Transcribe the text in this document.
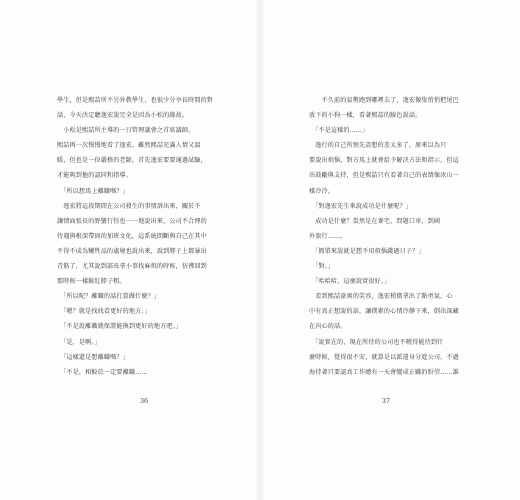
學生，但是熙喆所不另外教學生，也很少分享長時間的對
話，今天決定聽逸宏說完全是因為小松的緣故。
　小松是熙喆所主導的一日管理議會之首席議師，
熙喆再一次慢慢地看了逸宏。雖然熙喆充滿人情又溫
暖，但也是一位嚴格的老師，首先逸宏要要通過試驗，
才能夠到他的認同和指導。
　「所以想馬上離職嗎？」
　逸宏將這段期間在公司發生的事情訴出來，關於不
讓情面張長的野蠻行徑也一一地說出來，公司不合理的
待遇與根深帶固的加班文化，這系統間斷與自己在其中
不得不成為犧牲品的處境也說出來，說到脖子上都暴出
青筋了，尤其說到部長拿小事找麻煩的時候，彷彿回到
那時候一樣臉紅脖子粗。
　「所以呢？離職的話打算做什麼？」
　「嗯？就是找找看更好的地方。」
　「不是說離職就保證能換到更好的地方吧。」
　「是，是啊。」
　「這樣還是想離職嗎？」
　「不是，相較於一定要離職……
36
　　不久前的氣勢跑到哪裡去了，逸宏像隻悄悄把尾巴
放下的小狗一樣，看著熙喆的臉色說話。
　「不是這樣的……」
　逸行的自己所預先設想的差太多了，原來以為只
要說出煩惱，對方馬上就會給予解決方法和指示，但這
出鼓勵與支持，但是熙喆只有看著自己的表情像冰山一
樣冷冷。
　「對逸宏先生來說成功是什麼呢？」
　成功是什麼？當然是在麥宅，問題口車，到國
外旅行……。
　「簡單來說就是想不用煩惱錢過日子？」
　「對。」
　「哈哈哈，這麼說實很好。」
　看到熙喆豪爽的笑容，逸宏稍微拿出了點勇氣，心
中有真正想說的話，讓撲素的心情冷靜下來，倒出深藏
在內心的話。
　「說實在的，現在所待的公司也不曉得能待到什
麼時候，覺得很不安，就算是以派遣身分進公司，不過
海持著只要認真工作總有一天會變成正職的盼望……誰
37
